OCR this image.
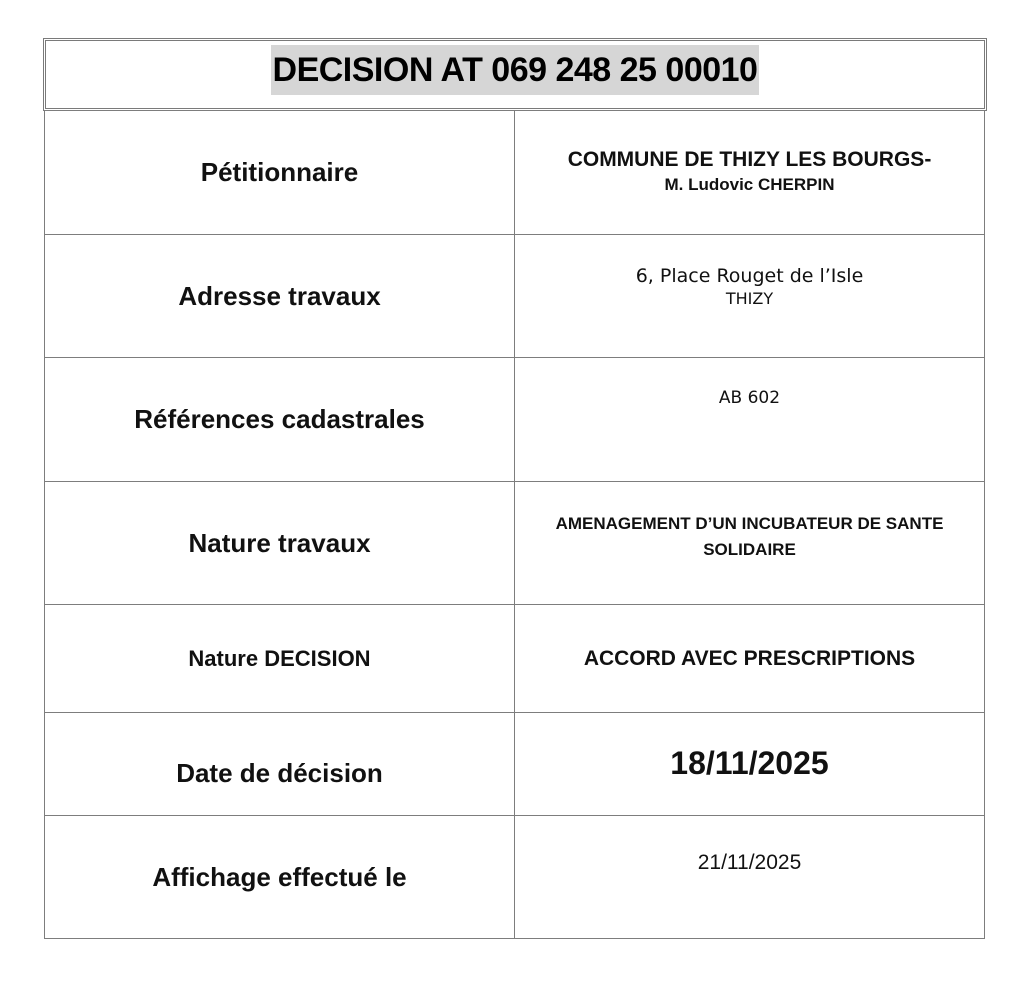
DECISION AT 069 248 25 00010
Pétitionnaire	COMMUNE DE THIZY LES BOURGS-
M. Ludovic CHERPIN

Adresse travaux	6, Place Rouget de l’Isle
THIZY

Références cadastrales	AB 602

Nature travaux	AMENAGEMENT D’UN INCUBATEUR DE SANTE
SOLIDAIRE

Nature DECISION	ACCORD AVEC PRESCRIPTIONS
Date de décision	18/11/2025

Affichage effectué le	21/11/2025
